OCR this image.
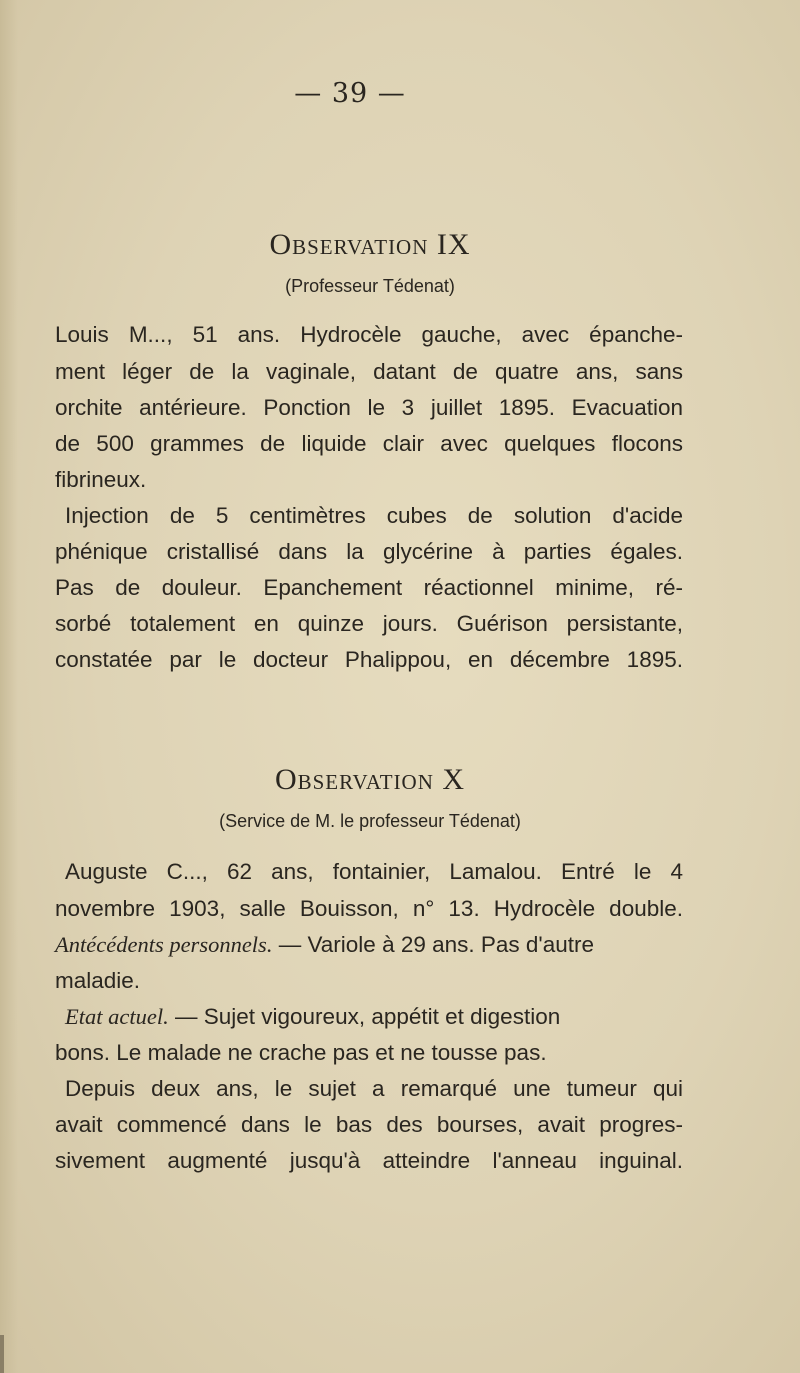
— 39 —
Observation IX
(Professeur Tédenat)
Louis M..., 51 ans. Hydrocèle gauche, avec épanche-
ment léger de la vaginale, datant de quatre ans, sans
orchite antérieure. Ponction le 3 juillet 1895. Evacuation
de 500 grammes de liquide clair avec quelques flocons
fibrineux.
Injection de 5 centimètres cubes de solution d'acide
phénique cristallisé dans la glycérine à parties égales.
Pas de douleur. Epanchement réactionnel minime, ré-
sorbé totalement en quinze jours. Guérison persistante,
constatée par le docteur Phalippou, en décembre 1895.
Observation X
(Service de M. le professeur Tédenat)
Auguste C..., 62 ans, fontainier, Lamalou. Entré le 4
novembre 1903, salle Bouisson, n° 13. Hydrocèle double.
Antécédents personnels. — Variole à 29 ans. Pas d'autre
maladie.
Etat actuel. — Sujet vigoureux, appétit et digestion
bons. Le malade ne crache pas et ne tousse pas.
Depuis deux ans, le sujet a remarqué une tumeur qui
avait commencé dans le bas des bourses, avait progres-
sivement augmenté jusqu'à atteindre l'anneau inguinal.
